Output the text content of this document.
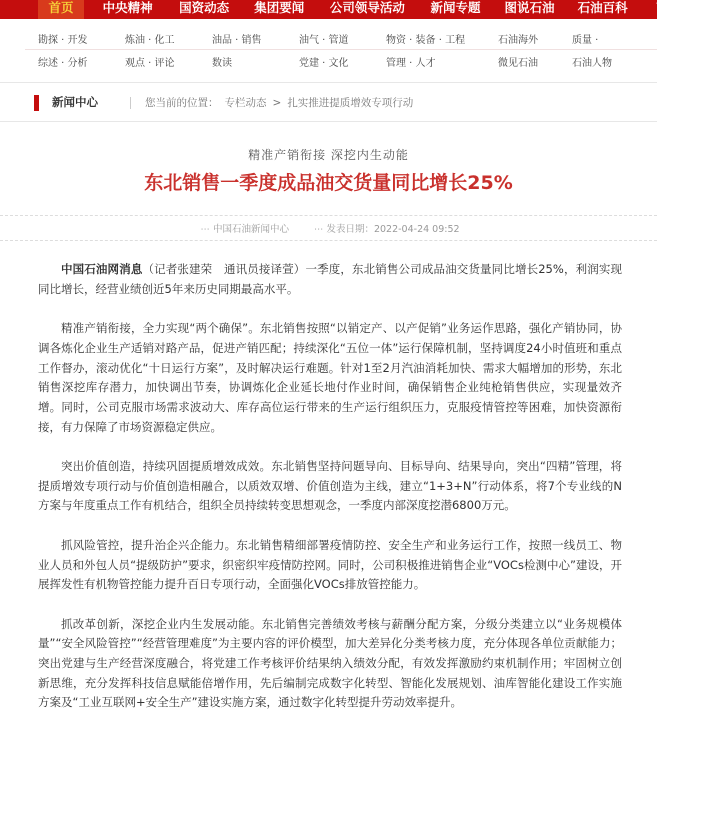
首页 中央精神 国资动态 集团要闻 公司领导活动 新闻专题 图说石油 石油百科 高清组
勘探 · 开发	炼油 · 化工	油品 · 销售	油气 · 管道	物资 · 装备 · 工程	石油海外	质量 ·
综述 · 分析	观点 · 评论	数读	党建 · 文化	管理 · 人才	微见石油	石油人物
新闻中心	您当前的位置： 专栏动态 > 扎实推进提质增效专项行动
精准产销衔接 深挖内生动能
东北销售一季度成品油交货量同比增长25%
⋯ 中国石油新闻中心	⋯ 发表日期：2022-04-24 09:52

中国石油网消息（记者张建荣　通讯员接译萱）一季度，东北销售公司成品油交货量同比增长25%，利润实现同比增长，经营业绩创近5年来历史同期最高水平。

精准产销衔接，全力实现“两个确保”。东北销售按照“以销定产、以产促销”业务运作思路，强化产销协同，协调各炼化企业生产适销对路产品，促进产销匹配；持续深化“五位一体”运行保障机制，坚持调度24小时值班和重点工作督办，滚动优化“十日运行方案”，及时解决运行难题。针对1至2月汽油消耗加快、需求大幅增加的形势，东北销售深挖库存潜力，加快调出节奏，协调炼化企业延长地付作业时间，确保销售企业纯枪销售供应，实现量效齐增。同时，公司克服市场需求波动大、库存高位运行带来的生产运行组织压力，克服疫情管控等困难，加快资源衔接，有力保障了市场资源稳定供应。

突出价值创造，持续巩固提质增效成效。东北销售坚持问题导向、目标导向、结果导向，突出“四精”管理，将提质增效专项行动与价值创造相融合，以质效双增、价值创造为主线，建立“1+3+N”行动体系，将7个专业线的N方案与年度重点工作有机结合，组织全员持续转变思想观念，一季度内部深度挖潜6800万元。

抓风险管控，提升治企兴企能力。东北销售精细部署疫情防控、安全生产和业务运行工作，按照一线员工、物业人员和外包人员“提级防护”要求，织密织牢疫情防控网。同时，公司积极推进销售企业“VOCs检测中心”建设，开展挥发性有机物管控能力提升百日专项行动，全面强化VOCs排放管控能力。

抓改革创新，深挖企业内生发展动能。东北销售完善绩效考核与薪酬分配方案，分级分类建立以“业务规模体量”“安全风险管控”“经营管理难度”为主要内容的评价模型，加大差异化分类考核力度，充分体现各单位贡献能力；突出党建与生产经营深度融合，将党建工作考核评价结果纳入绩效分配，有效发挥激励约束机制作用；牢固树立创新思维，充分发挥科技信息赋能倍增作用，先后编制完成数字化转型、智能化发展规划、油库智能化建设工作实施方案及“工业互联网+安全生产”建设实施方案，通过数字化转型提升劳动效率提升。
